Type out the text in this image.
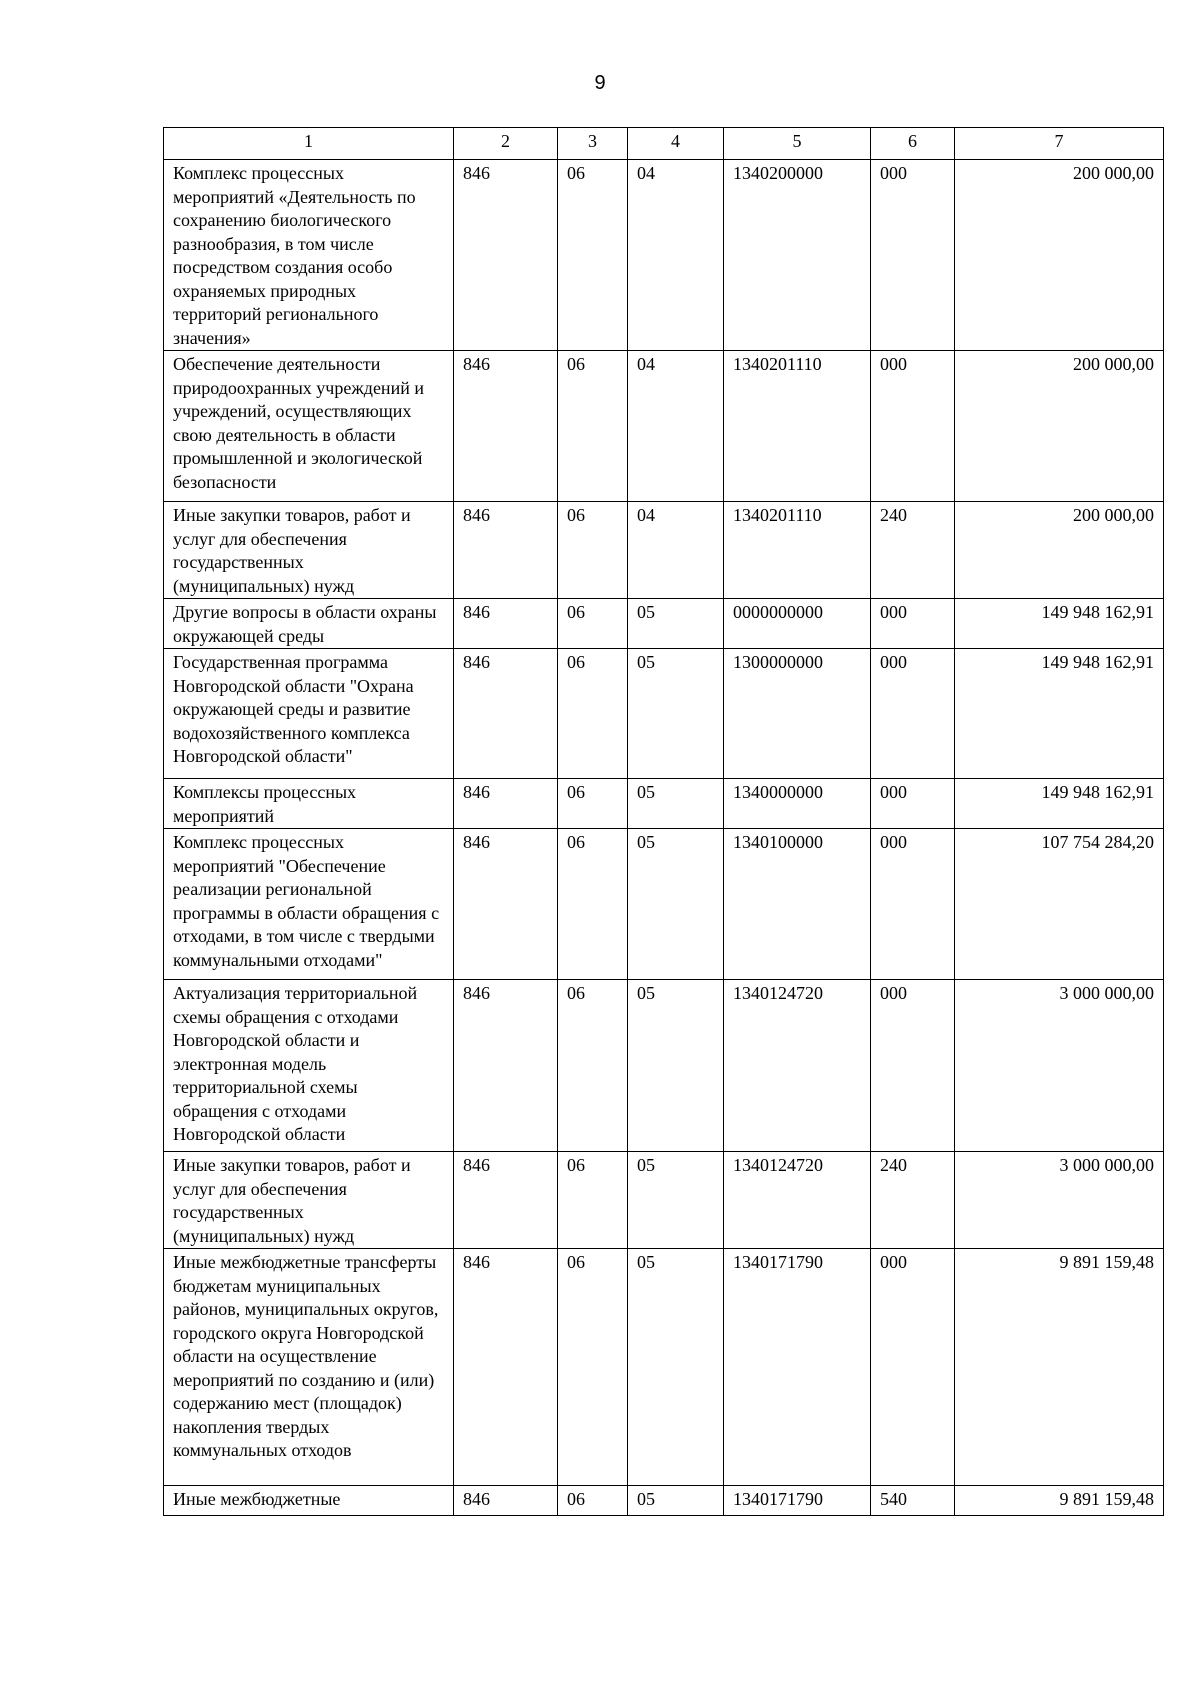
9
1	2	3	4	5	6	7
Комплекс процессных мероприятий «Деятельность по сохранению биологического разнообразия, в том числе посредством создания особо охраняемых природных территорий регионального значения»	846	06	04	1340200000	000	200 000,00
Обеспечение деятельности природоохранных учреждений и учреждений, осуществляющих свою деятельность в области промышленной и экологической безопасности	846	06	04	1340201110	000	200 000,00
Иные закупки товаров, работ и услуг для обеспечения государственных (муниципальных) нужд	846	06	04	1340201110	240	200 000,00
Другие вопросы в области охраны окружающей среды	846	06	05	0000000000	000	149 948 162,91
Государственная программа Новгородской области "Охрана окружающей среды и развитие водохозяйственного комплекса Новгородской области"	846	06	05	1300000000	000	149 948 162,91
Комплексы процессных мероприятий	846	06	05	1340000000	000	149 948 162,91
Комплекс процессных мероприятий "Обеспечение реализации региональной программы в области обращения с отходами, в том числе с твердыми коммунальными отходами"	846	06	05	1340100000	000	107 754 284,20
Актуализация территориальной схемы обращения с отходами Новгородской области и электронная модель территориальной схемы обращения с отходами Новгородской области	846	06	05	1340124720	000	3 000 000,00
Иные закупки товаров, работ и услуг для обеспечения государственных (муниципальных) нужд	846	06	05	1340124720	240	3 000 000,00
Иные межбюджетные трансферты бюджетам муниципальных районов, муниципальных округов, городского округа Новгородской области на осуществление мероприятий по созданию и (или) содержанию мест (площадок) накопления твердых коммунальных отходов	846	06	05	1340171790	000	9 891 159,48
Иные межбюджетные	846	06	05	1340171790	540	9 891 159,48
